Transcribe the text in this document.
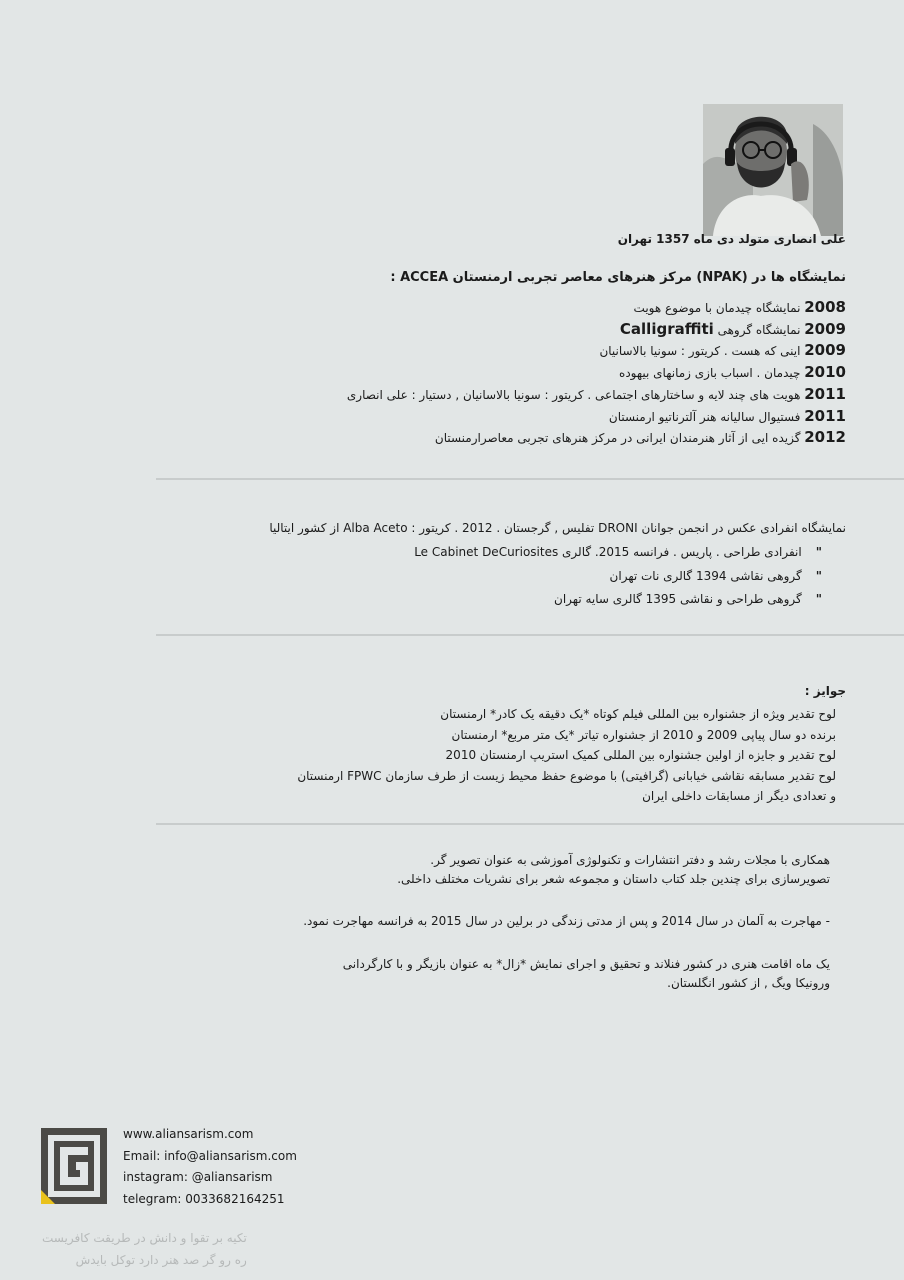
علی انصاری متولد دی ماه 1357 تهران
نمایشگاه ها در (NPAK) مرکز هنرهای معاصر تجربی ارمنستان ACCEA :
2008 نمایشگاه چیدمان با موضوع هویت
2009 نمایشگاه گروهی Calligraffiti
2009 اینی که هست . کریتور : سونیا بالاسانیان
2010 چیدمان . اسباب بازی زمانهای بیهوده
2011 هویت های چند لایه و ساختارهای اجتماعی . کریتور : سونیا بالاسانیان , دستیار : علی انصاری
2011 فستیوال سالیانه هنر آلترناتیو ارمنستان
2012 گزیده ایی از آثار هنرمندان ایرانی در مرکز هنرهای تجربی معاصرارمنستان
نمایشگاه انفرادی عکس در انجمن جوانان DRONI تفلیس , گرجستان . 2012 . کریتور : Alba Aceto از کشور ایتالیا
"انفرادی طراحی . پاریس . فرانسه 2015. گالری Le Cabinet DeCuriosites
"گروهی نقاشی 1394 گالری نات تهران
"گروهی طراحی و نقاشی 1395 گالری سایه تهران
جوایز :
لوح تقدیر ویژه از جشنواره بین المللی فیلم کوتاه *یک دقیقه یک کادر* ارمنستان
برنده دو سال پیاپی 2009 و 2010 از جشنواره تیاتر *یک متر مربع* ارمنستان
لوح تقدیر و جایزه از اولین جشنواره بین المللی کمیک استریپ ارمنستان 2010
لوح تقدیر مسابقه نقاشی خیابانی (گرافیتی) با موضوع حفظ محیط زیست از طرف سازمان FPWC ارمنستان
و تعدادی دیگر از مسابقات داخلی ایران
همکاری با مجلات رشد و دفتر انتشارات و تکنولوژی آموزشی به عنوان تصویر گر.
تصویرسازی برای چندین جلد کتاب داستان و مجموعه شعر برای نشریات مختلف داخلی.
- مهاجرت به آلمان در سال 2014 و پس از مدتی زندگی در برلین در سال 2015 به فرانسه مهاجرت نمود.
یک ماه اقامت هنری در کشور فنلاند و تحقیق و اجرای نمایش *زال* به عنوان بازیگر و با کارگردانی
ورونیکا ویگ , از کشور انگلستان.
www.aliansarism.com
Email: info@aliansarism.com
instagram: @aliansarism
telegram: 0033682164251
تکیه بر تقوا و دانش در طریقت کافریست
ره رو گر صد هنر دارد توکل بایدش
